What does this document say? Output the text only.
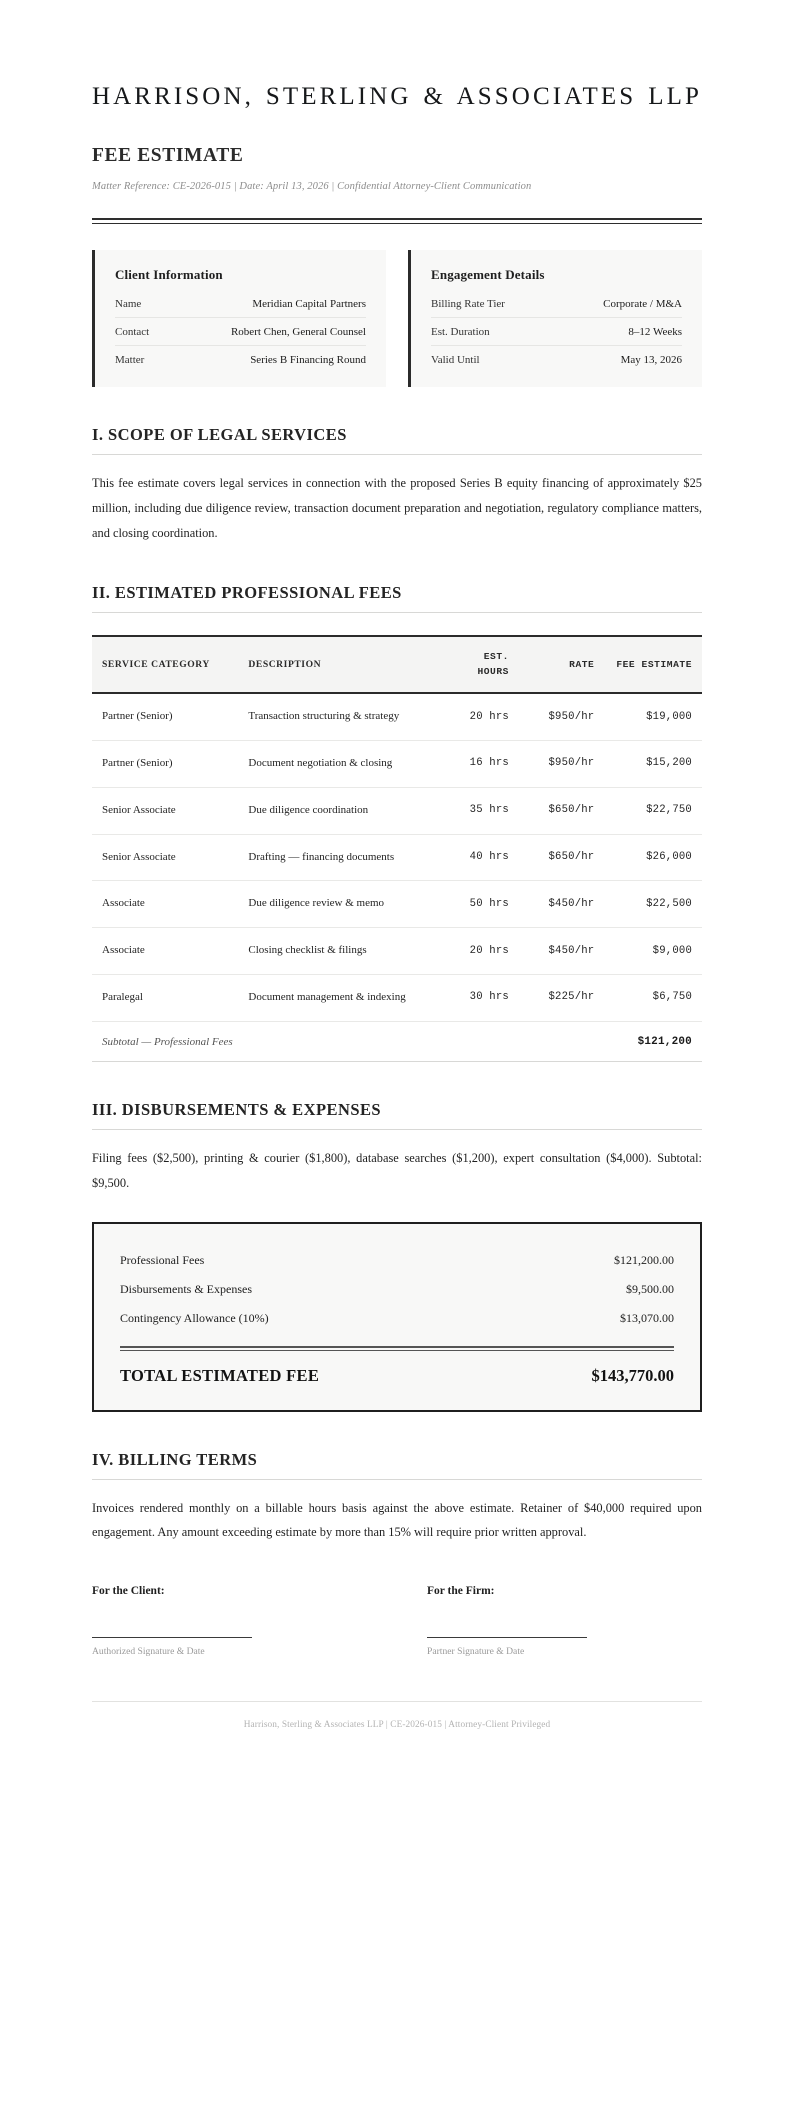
HARRISON, STERLING & ASSOCIATES LLP
FEE ESTIMATE

Matter Reference: CE-2026-015 | Date: April 13, 2026 | Confidential Attorney-Client Communication

Client Information
Name	Meridian Capital Partners
Contact	Robert Chen, General Counsel
Matter	Series B Financing Round
Engagement Details
Billing Rate Tier	Corporate / M&A
Est. Duration	8–12 Weeks
Valid Until	May 13, 2026
I. SCOPE OF LEGAL SERVICES

This fee estimate covers legal services in connection with the proposed Series B equity financing of approximately $25 million, including due diligence review, transaction document preparation and negotiation, regulatory compliance matters, and closing coordination.

II. ESTIMATED PROFESSIONAL FEES
SERVICE CATEGORY	DESCRIPTION	EST. HOURS	RATE	FEE ESTIMATE
Partner (Senior)	Transaction structuring & strategy	20 hrs	$950/hr	$19,000
Partner (Senior)	Document negotiation & closing	16 hrs	$950/hr	$15,200
Senior Associate	Due diligence coordination	35 hrs	$650/hr	$22,750
Senior Associate	Drafting — financing documents	40 hrs	$650/hr	$26,000
Associate	Due diligence review & memo	50 hrs	$450/hr	$22,500
Associate	Closing checklist & filings	20 hrs	$450/hr	$9,000
Paralegal	Document management & indexing	30 hrs	$225/hr	$6,750
Subtotal — Professional Fees			$121,200	
III. DISBURSEMENTS & EXPENSES

Filing fees ($2,500), printing & courier ($1,800), database searches ($1,200), expert consultation ($4,000). Subtotal: $9,500.

Professional Fees	$121,200.00
Disbursements & Expenses	$9,500.00
Contingency Allowance (10%)	$13,070.00
TOTAL ESTIMATED FEE	$143,770.00
IV. BILLING TERMS

Invoices rendered monthly on a billable hours basis against the above estimate. Retainer of $40,000 required upon engagement. Any amount exceeding estimate by more than 15% will require prior written approval.

For the Client:
Authorized Signature & Date
For the Firm:
Partner Signature & Date
Harrison, Sterling & Associates LLP | CE-2026-015 | Attorney-Client Privileged
